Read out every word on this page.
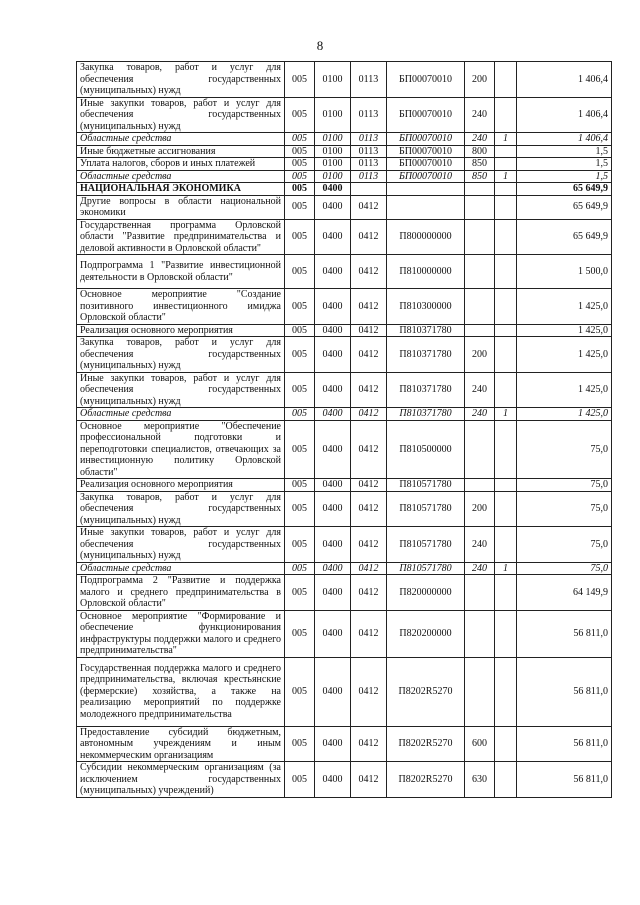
8
Закупка товаров, работ и услуг для обеспечения государственных (муниципальных) нужд	005	0100	0113	БП00070010	200		1 406,4
Иные закупки товаров, работ и услуг для обеспечения государственных (муниципальных) нужд	005	0100	0113	БП00070010	240		1 406,4
Областные средства	005	0100	0113	БП00070010	240	1	1 406,4
Иные бюджетные ассигнования	005	0100	0113	БП00070010	800		1,5
Уплата налогов, сборов и иных платежей	005	0100	0113	БП00070010	850		1,5
Областные средства	005	0100	0113	БП00070010	850	1	1,5
НАЦИОНАЛЬНАЯ ЭКОНОМИКА	005	0400					65 649,9
Другие вопросы в области национальной экономики	005	0400	0412				65 649,9
Государственная программа Орловской области "Развитие предпринимательства и деловой активности в Орловской области"	005	0400	0412	П800000000			65 649,9
Подпрограмма 1 "Развитие инвестиционной деятельности в Орловской области"	005	0400	0412	П810000000			1 500,0
Основное мероприятие "Создание позитивного инвестиционного имиджа Орловской области"	005	0400	0412	П810300000			1 425,0
Реализация основного мероприятия	005	0400	0412	П810371780			1 425,0
Закупка товаров, работ и услуг для обеспечения государственных (муниципальных) нужд	005	0400	0412	П810371780	200		1 425,0
Иные закупки товаров, работ и услуг для обеспечения государственных (муниципальных) нужд	005	0400	0412	П810371780	240		1 425,0
Областные средства	005	0400	0412	П810371780	240	1	1 425,0
Основное мероприятие "Обеспечение профессиональной подготовки и переподготовки специалистов, отвечающих за инвестиционную политику Орловской области"	005	0400	0412	П810500000			75,0
Реализация основного мероприятия	005	0400	0412	П810571780			75,0
Закупка товаров, работ и услуг для обеспечения государственных (муниципальных) нужд	005	0400	0412	П810571780	200		75,0
Иные закупки товаров, работ и услуг для обеспечения государственных (муниципальных) нужд	005	0400	0412	П810571780	240		75,0
Областные средства	005	0400	0412	П810571780	240	1	75,0
Подпрограмма 2 "Развитие и поддержка малого и среднего предпринимательства в Орловской области"	005	0400	0412	П820000000			64 149,9
Основное мероприятие "Формирование и обеспечение функционирования инфраструктуры поддержки малого и среднего предпринимательства"	005	0400	0412	П820200000			56 811,0
Государственная поддержка малого и среднего предпринимательства, включая крестьянские (фермерские) хозяйства, а также на реализацию мероприятий по поддержке молодежного предпринимательства	005	0400	0412	П8202R5270			56 811,0
Предоставление субсидий бюджетным, автономным учреждениям и иным некоммерческим организациям	005	0400	0412	П8202R5270	600		56 811,0
Субсидии некоммерческим организациям (за исключением государственных (муниципальных) учреждений)	005	0400	0412	П8202R5270	630		56 811,0
